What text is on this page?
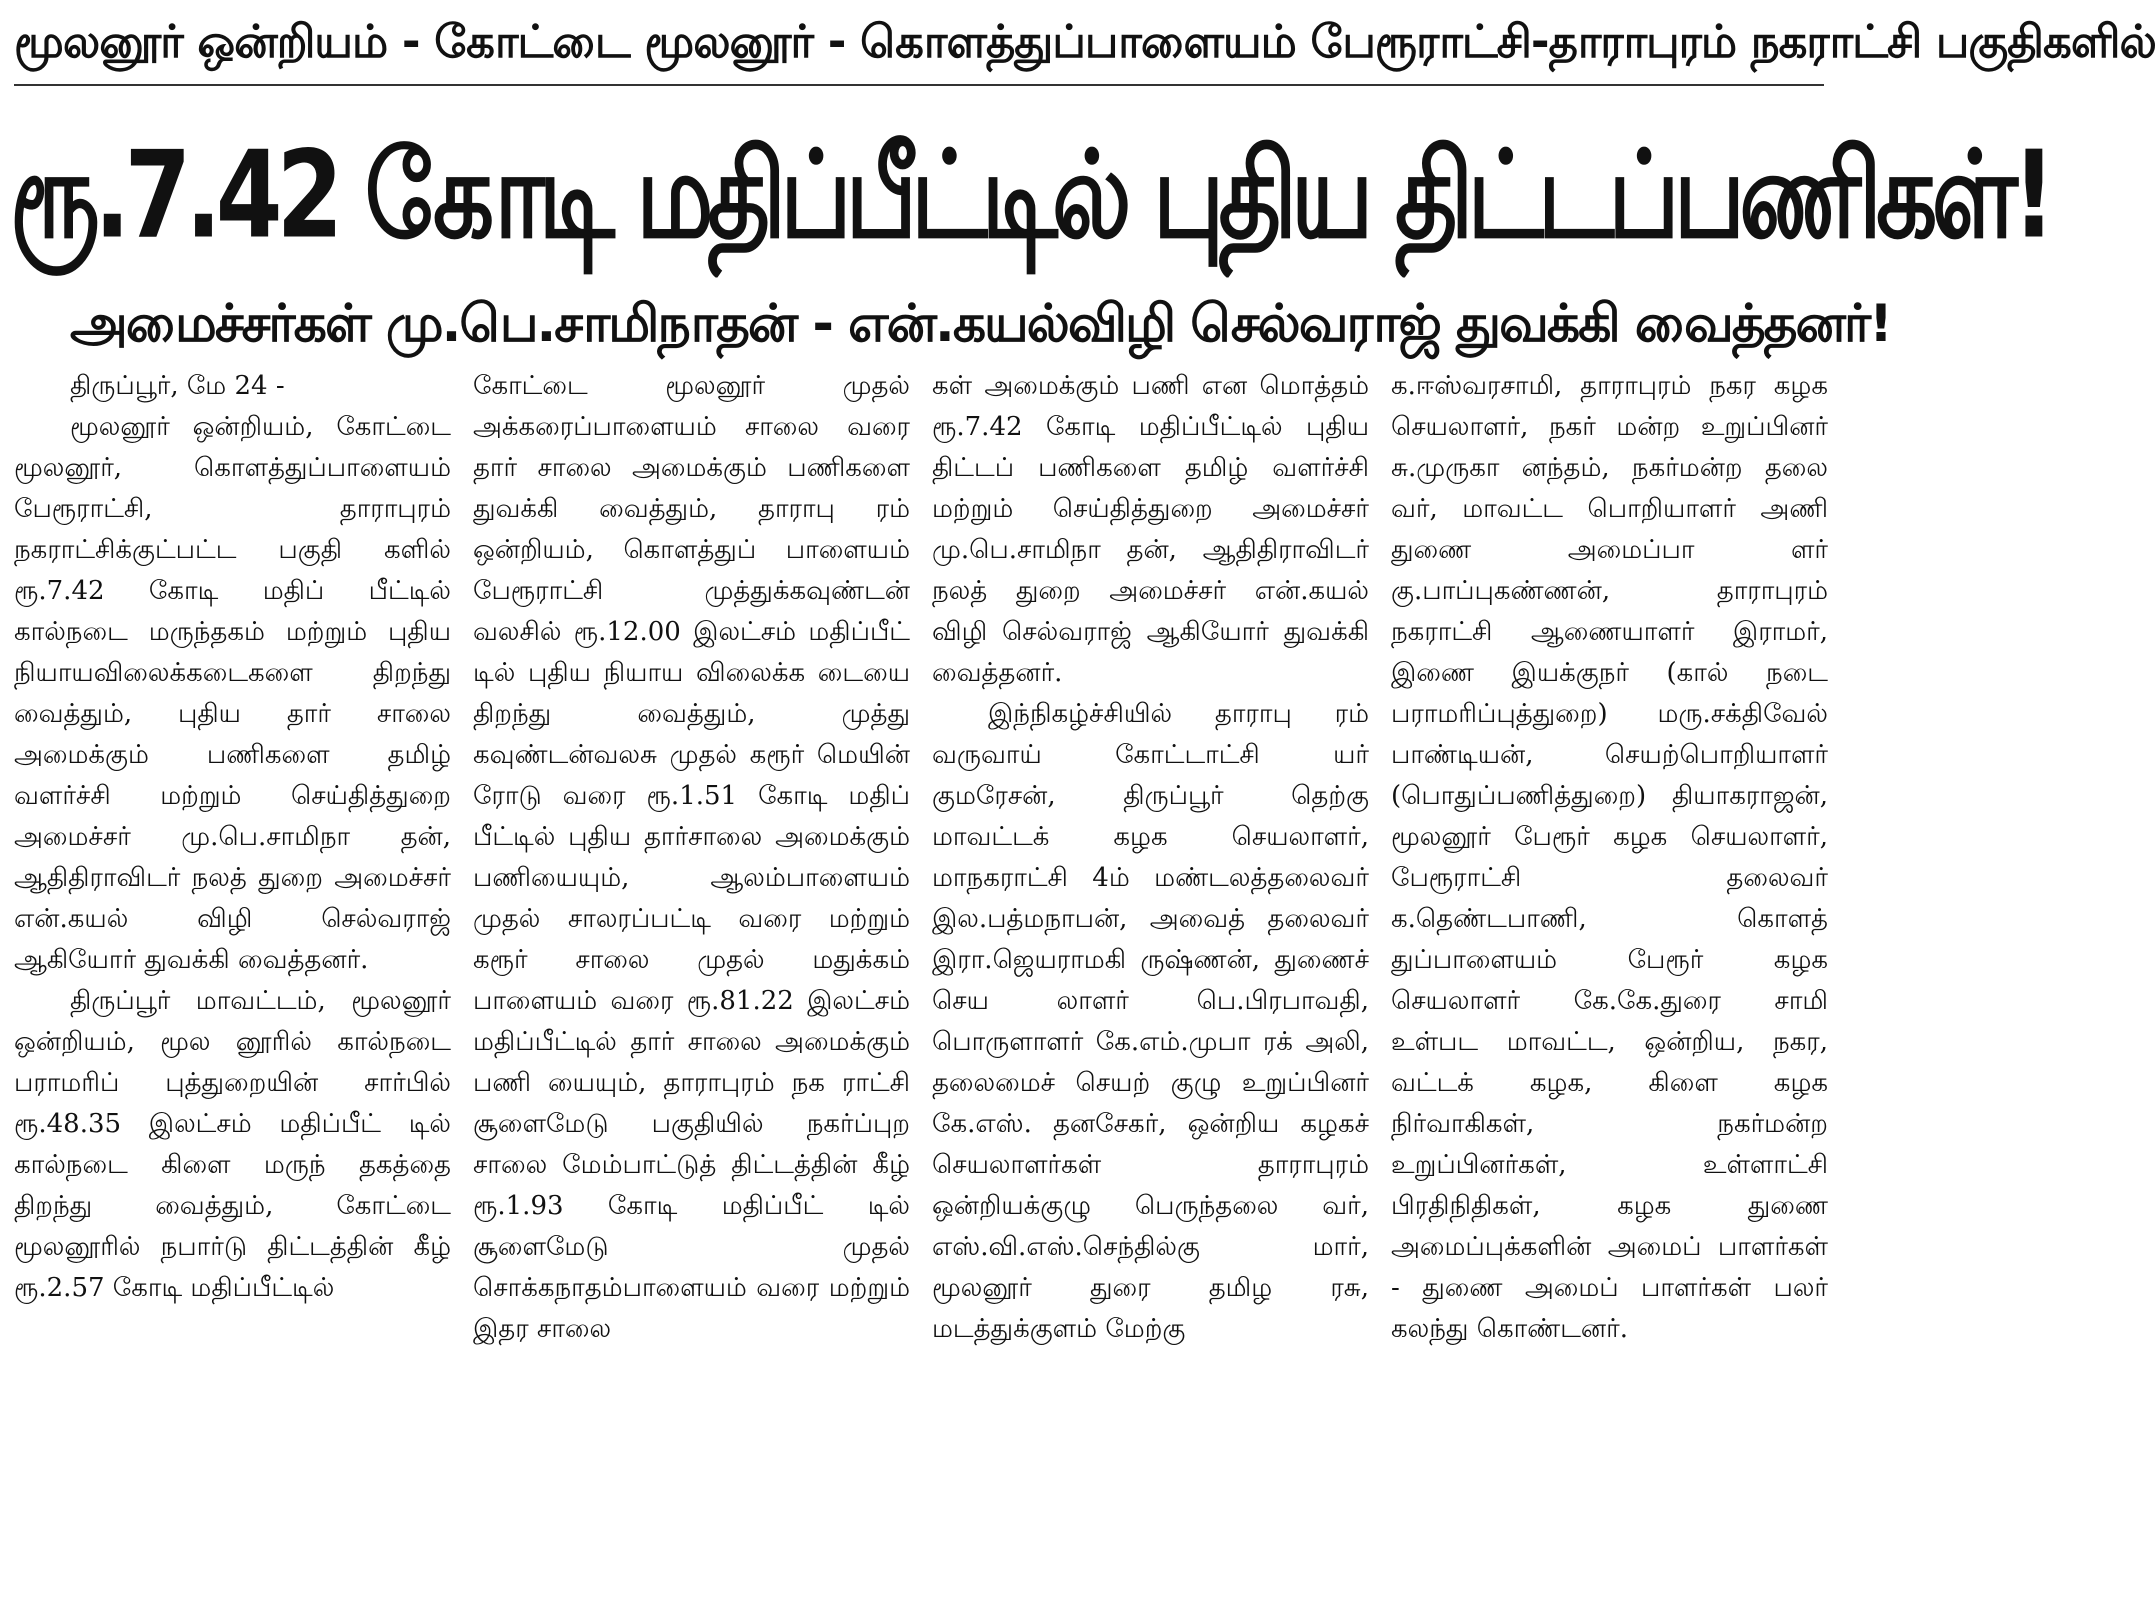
மூலனூர் ஒன்றியம் - கோட்டை மூலனூர் - கொளத்துப்பாளையம் பேரூராட்சி-தாராபுரம் நகராட்சி பகுதிகளில்
ரூ.7.42 கோடி மதிப்பீட்டில் புதிய திட்டப்பணிகள்!
அமைச்சர்கள் மு.பெ.சாமிநாதன் - என்.கயல்விழி செல்வராஜ் துவக்கி வைத்தனர்!

திருப்பூர், மே 24 -

மூலனூர் ஒன்றியம், கோட்டை மூலனூர், கொளத்துப்பாளையம் பேரூராட்சி, தாராபுரம் நகராட்சிக்குட்பட்ட பகுதி களில் ரூ.7.42 கோடி மதிப் பீட்டில் கால்நடை மருந்தகம் மற்றும் புதிய நியாயவிலைக்கடைகளை திறந்து வைத்தும், புதிய தார் சாலை அமைக்கும் பணிகளை தமிழ் வளர்ச்சி மற்றும் செய்தித்துறை அமைச்சர் மு.பெ.சாமிநா தன், ஆதிதிராவிடர் நலத் துறை அமைச்சர் என்.கயல் விழி செல்வராஜ் ஆகியோர் துவக்கி வைத்தனர்.

திருப்பூர் மாவட்டம், மூலனூர் ஒன்றியம், மூல னூரில் கால்நடை பராமரிப் புத்துறையின் சார்பில் ரூ.48.35 இலட்சம் மதிப்பீட் டில் கால்நடை கிளை மருந் தகத்தை திறந்து வைத்தும், கோட்டை மூலனூரில் நபார்டு திட்டத்தின் கீழ் ரூ.2.57 கோடி மதிப்பீட்டில்

கோட்டை மூலனூர் முதல் அக்கரைப்பாளையம் சாலை வரை தார் சாலை அமைக்கும் பணிகளை துவக்கி வைத்தும், தாராபு ரம் ஒன்றியம், கொளத்துப் பாளையம் பேரூராட்சி முத்துக்கவுண்டன் வலசில் ரூ.12.00 இலட்சம் மதிப்பீட் டில் புதிய நியாய விலைக்க டையை திறந்து வைத்தும், முத்து கவுண்டன்வலசு முதல் கரூர் மெயின் ரோடு வரை ரூ.1.51 கோடி மதிப் பீட்டில் புதிய தார்சாலை அமைக்கும் பணியையும், ஆலம்பாளையம் முதல் சாலரப்பட்டி வரை மற்றும் கரூர் சாலை முதல் மதுக்கம் பாளையம் வரை ரூ.81.22 இலட்சம் மதிப்பீட்டில் தார் சாலை அமைக்கும் பணி யையும், தாராபுரம் நக ராட்சி சூளைமேடு பகுதியில் நகர்ப்புற சாலை மேம்பாட்டுத் திட்டத்தின் கீழ் ரூ.1.93 கோடி மதிப்பீட் டில் சூளைமேடு முதல் சொக்கநாதம்பாளையம் வரை மற்றும் இதர சாலை

கள் அமைக்கும் பணி என மொத்தம் ரூ.7.42 கோடி மதிப்பீட்டில் புதிய திட்டப் பணிகளை தமிழ் வளர்ச்சி மற்றும் செய்தித்துறை அமைச்சர் மு.பெ.சாமிநா தன், ஆதிதிராவிடர் நலத் துறை அமைச்சர் என்.கயல் விழி செல்வராஜ் ஆகியோர் துவக்கி வைத்தனர்.

இந்நிகழ்ச்சியில் தாராபு ரம் வருவாய் கோட்டாட்சி யர் குமரேசன், திருப்பூர் தெற்கு மாவட்டக் கழக செயலாளர், மாநகராட்சி 4ம் மண்டலத்தலைவர் இல.பத்மநாபன், அவைத் தலைவர் இரா.ஜெயராமகி ருஷ்ணன், துணைச் செய லாளர் பெ.பிரபாவதி, பொருளாளர் கே.எம்.முபா ரக் அலி, தலைமைச் செயற் குழு உறுப்பினர் கே.எஸ். தனசேகர், ஒன்றிய கழகச் செயலாளர்கள் தாராபுரம் ஒன்றியக்குழு பெருந்தலை வர், எஸ்.வி.எஸ்.செந்தில்கு மார், மூலனூர் துரை தமிழ ரசு, மடத்துக்குளம் மேற்கு

க.ஈஸ்வரசாமி, தாராபுரம் நகர கழக செயலாளர், நகர் மன்ற உறுப்பினர் சு.முருகா னந்தம், நகர்மன்ற தலை வர், மாவட்ட பொறியாளர் அணி துணை அமைப்பா ளர் கு.பாப்புகண்ணன், தாராபுரம் நகராட்சி ஆணையாளர் இராமர், இணை இயக்குநர் (கால் நடை பராமரிப்புத்துறை) மரு.சக்திவேல் பாண்டியன், செயற்பொறியாளர் (பொதுப்பணித்துறை) தியாகராஜன், மூலனூர் பேரூர் கழக செயலாளர், பேரூராட்சி தலைவர் க.தெண்டபாணி, கொளத் துப்பாளையம் பேரூர் கழக செயலாளர் கே.கே.துரை சாமி உள்பட மாவட்ட, ஒன்றிய, நகர, வட்டக் கழக, கிளை கழக நிர்வாகிகள், நகர்மன்ற உறுப்பினர்கள், உள்ளாட்சி பிரதிநிதிகள், கழக துணை அமைப்புக்களின் அமைப் பாளர்கள் - துணை அமைப் பாளர்கள் பலர் கலந்து கொண்டனர்.
